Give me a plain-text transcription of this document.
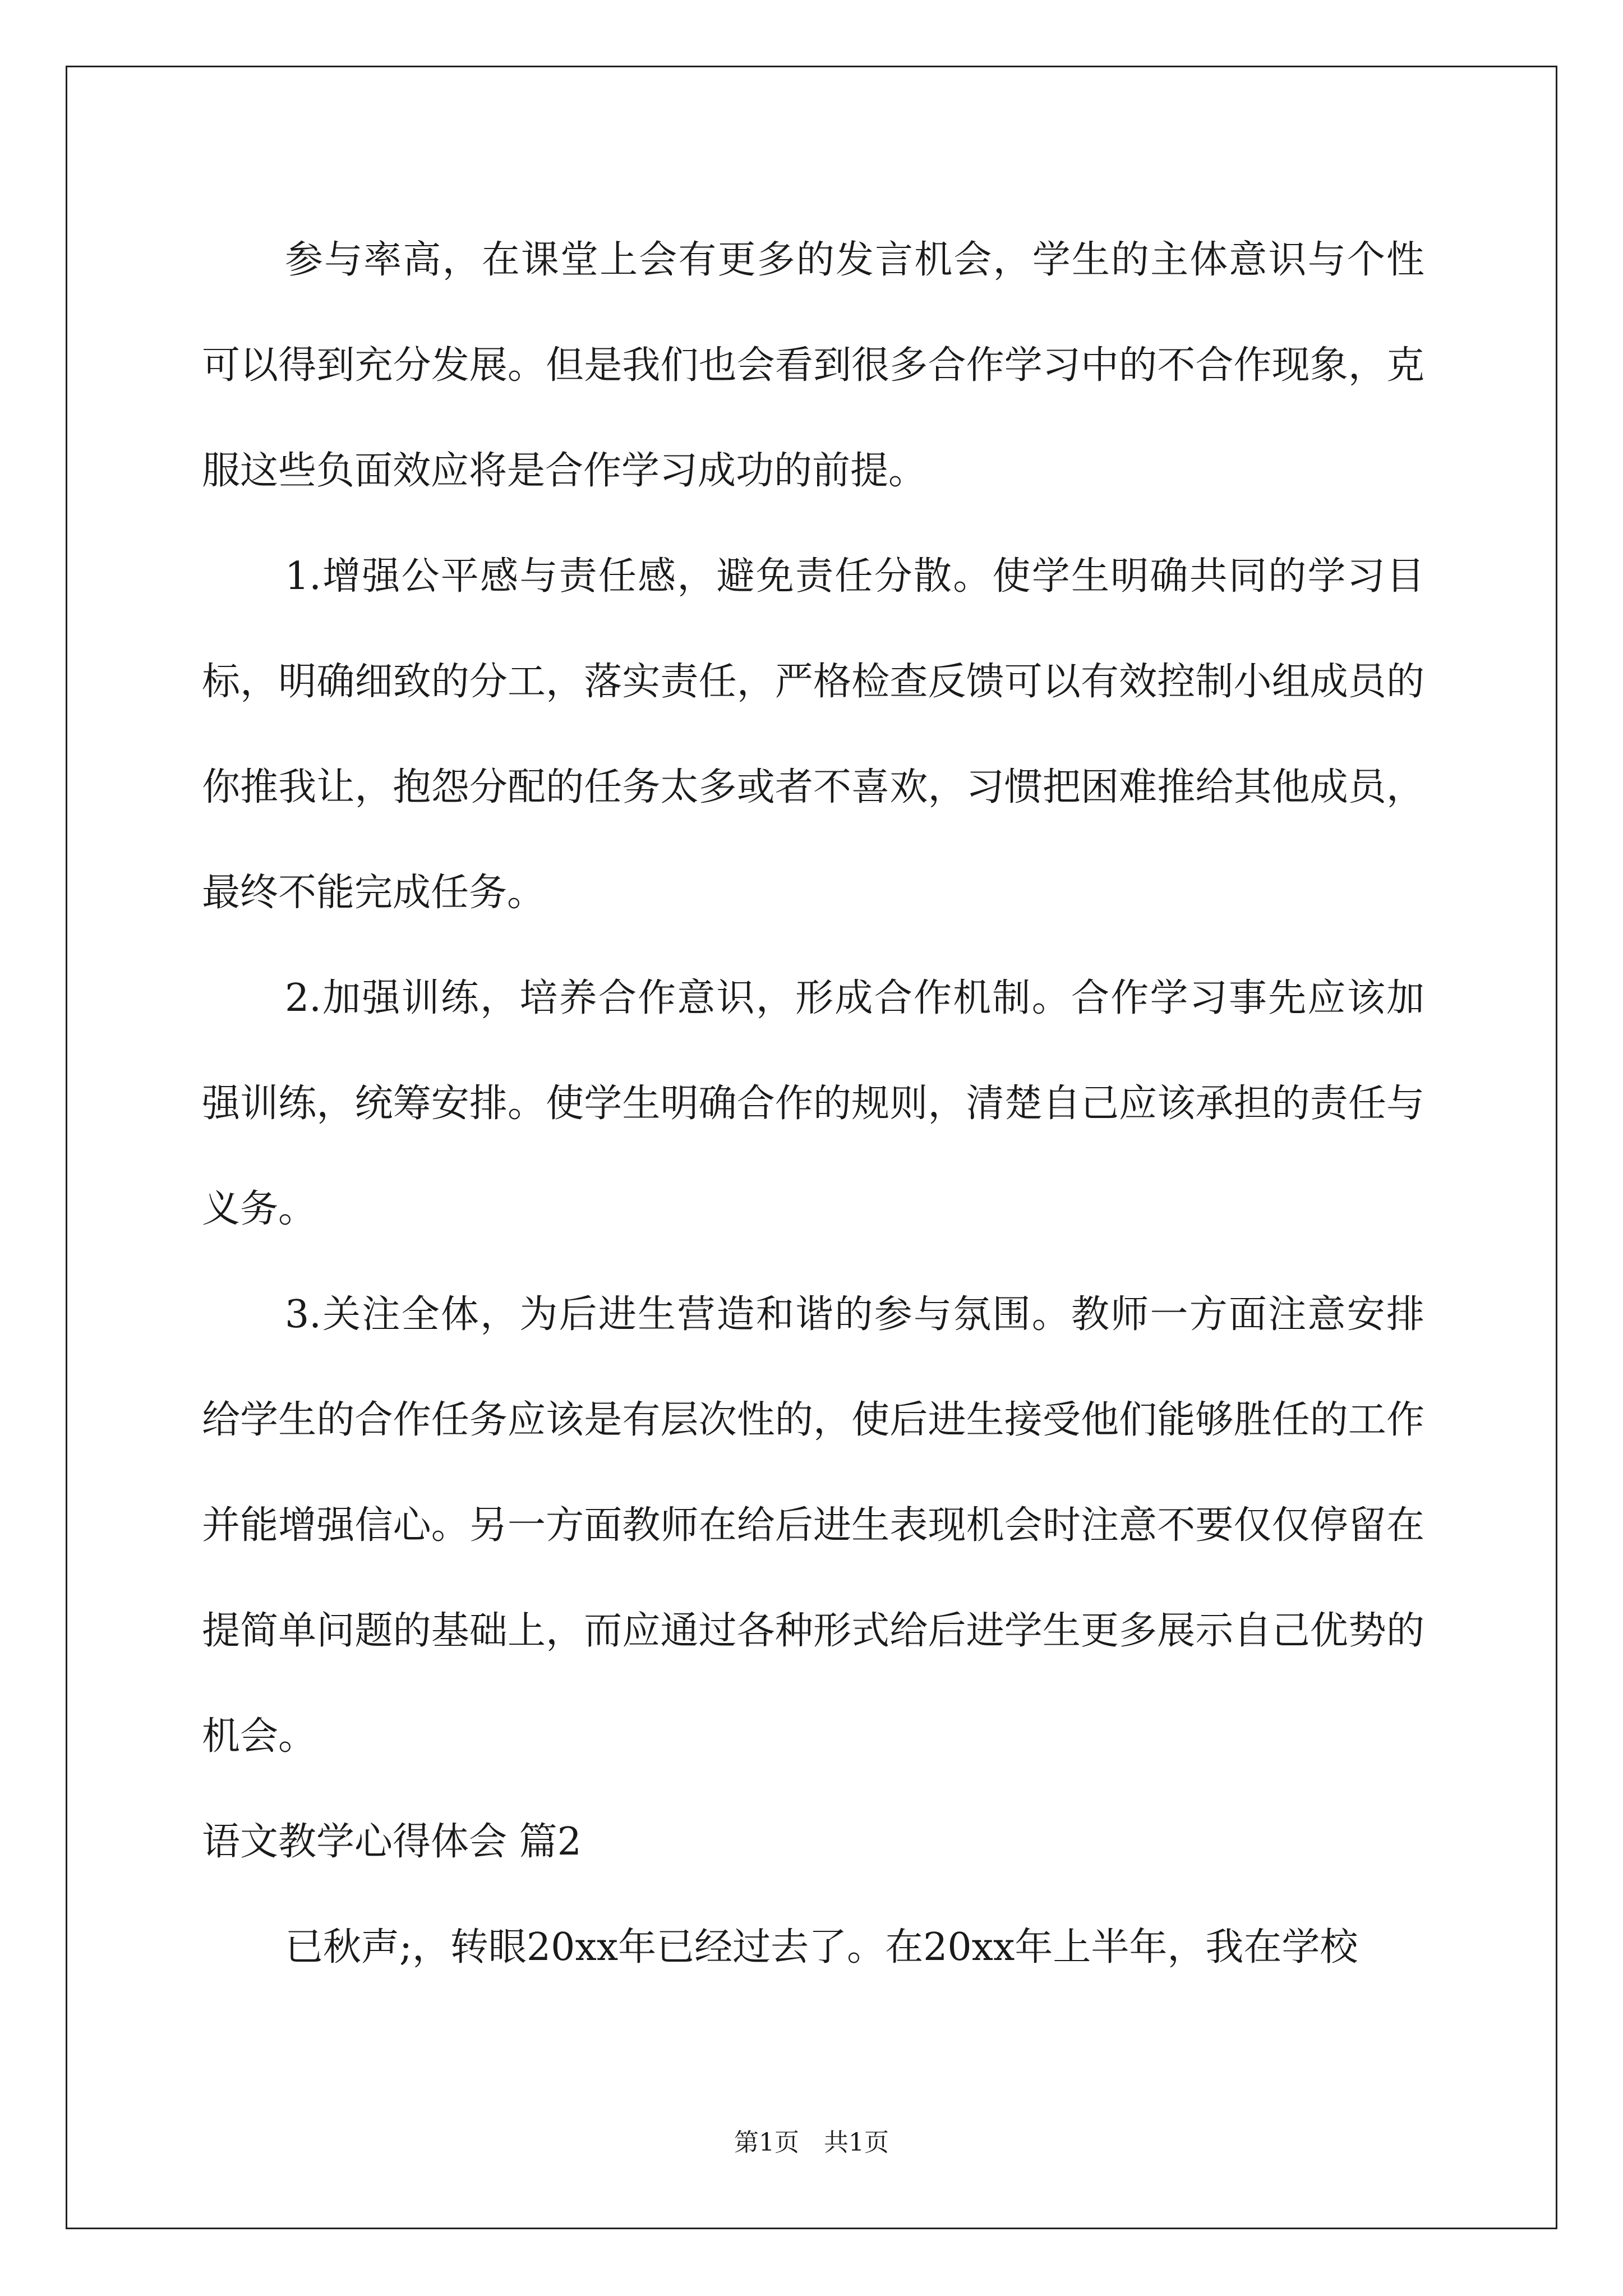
参与率高，在课堂上会有更多的发言机会，学生的主体意识与个性可以得到充分发展。但是我们也会看到很多合作学习中的不合作现象，克服这些负面效应将是合作学习成功的前提。

1.增强公平感与责任感，避免责任分散。使学生明确共同的学习目标，明确细致的分工，落实责任，严格检查反馈可以有效控制小组成员的你推我让，抱怨分配的任务太多或者不喜欢，习惯把困难推给其他成员，最终不能完成任务。

2.加强训练，培养合作意识，形成合作机制。合作学习事先应该加强训练，统筹安排。使学生明确合作的规则，清楚自己应该承担的责任与义务。

3.关注全体，为后进生营造和谐的参与氛围。教师一方面注意安排给学生的合作任务应该是有层次性的，使后进生接受他们能够胜任的工作并能增强信心。另一方面教师在给后进生表现机会时注意不要仅仅停留在提简单问题的基础上，而应通过各种形式给后进学生更多展示自己优势的机会。

语文教学心得体会 篇2

已秋声;，转眼20xx年已经过去了。在20xx年上半年，我在学校

第1页 共1页
